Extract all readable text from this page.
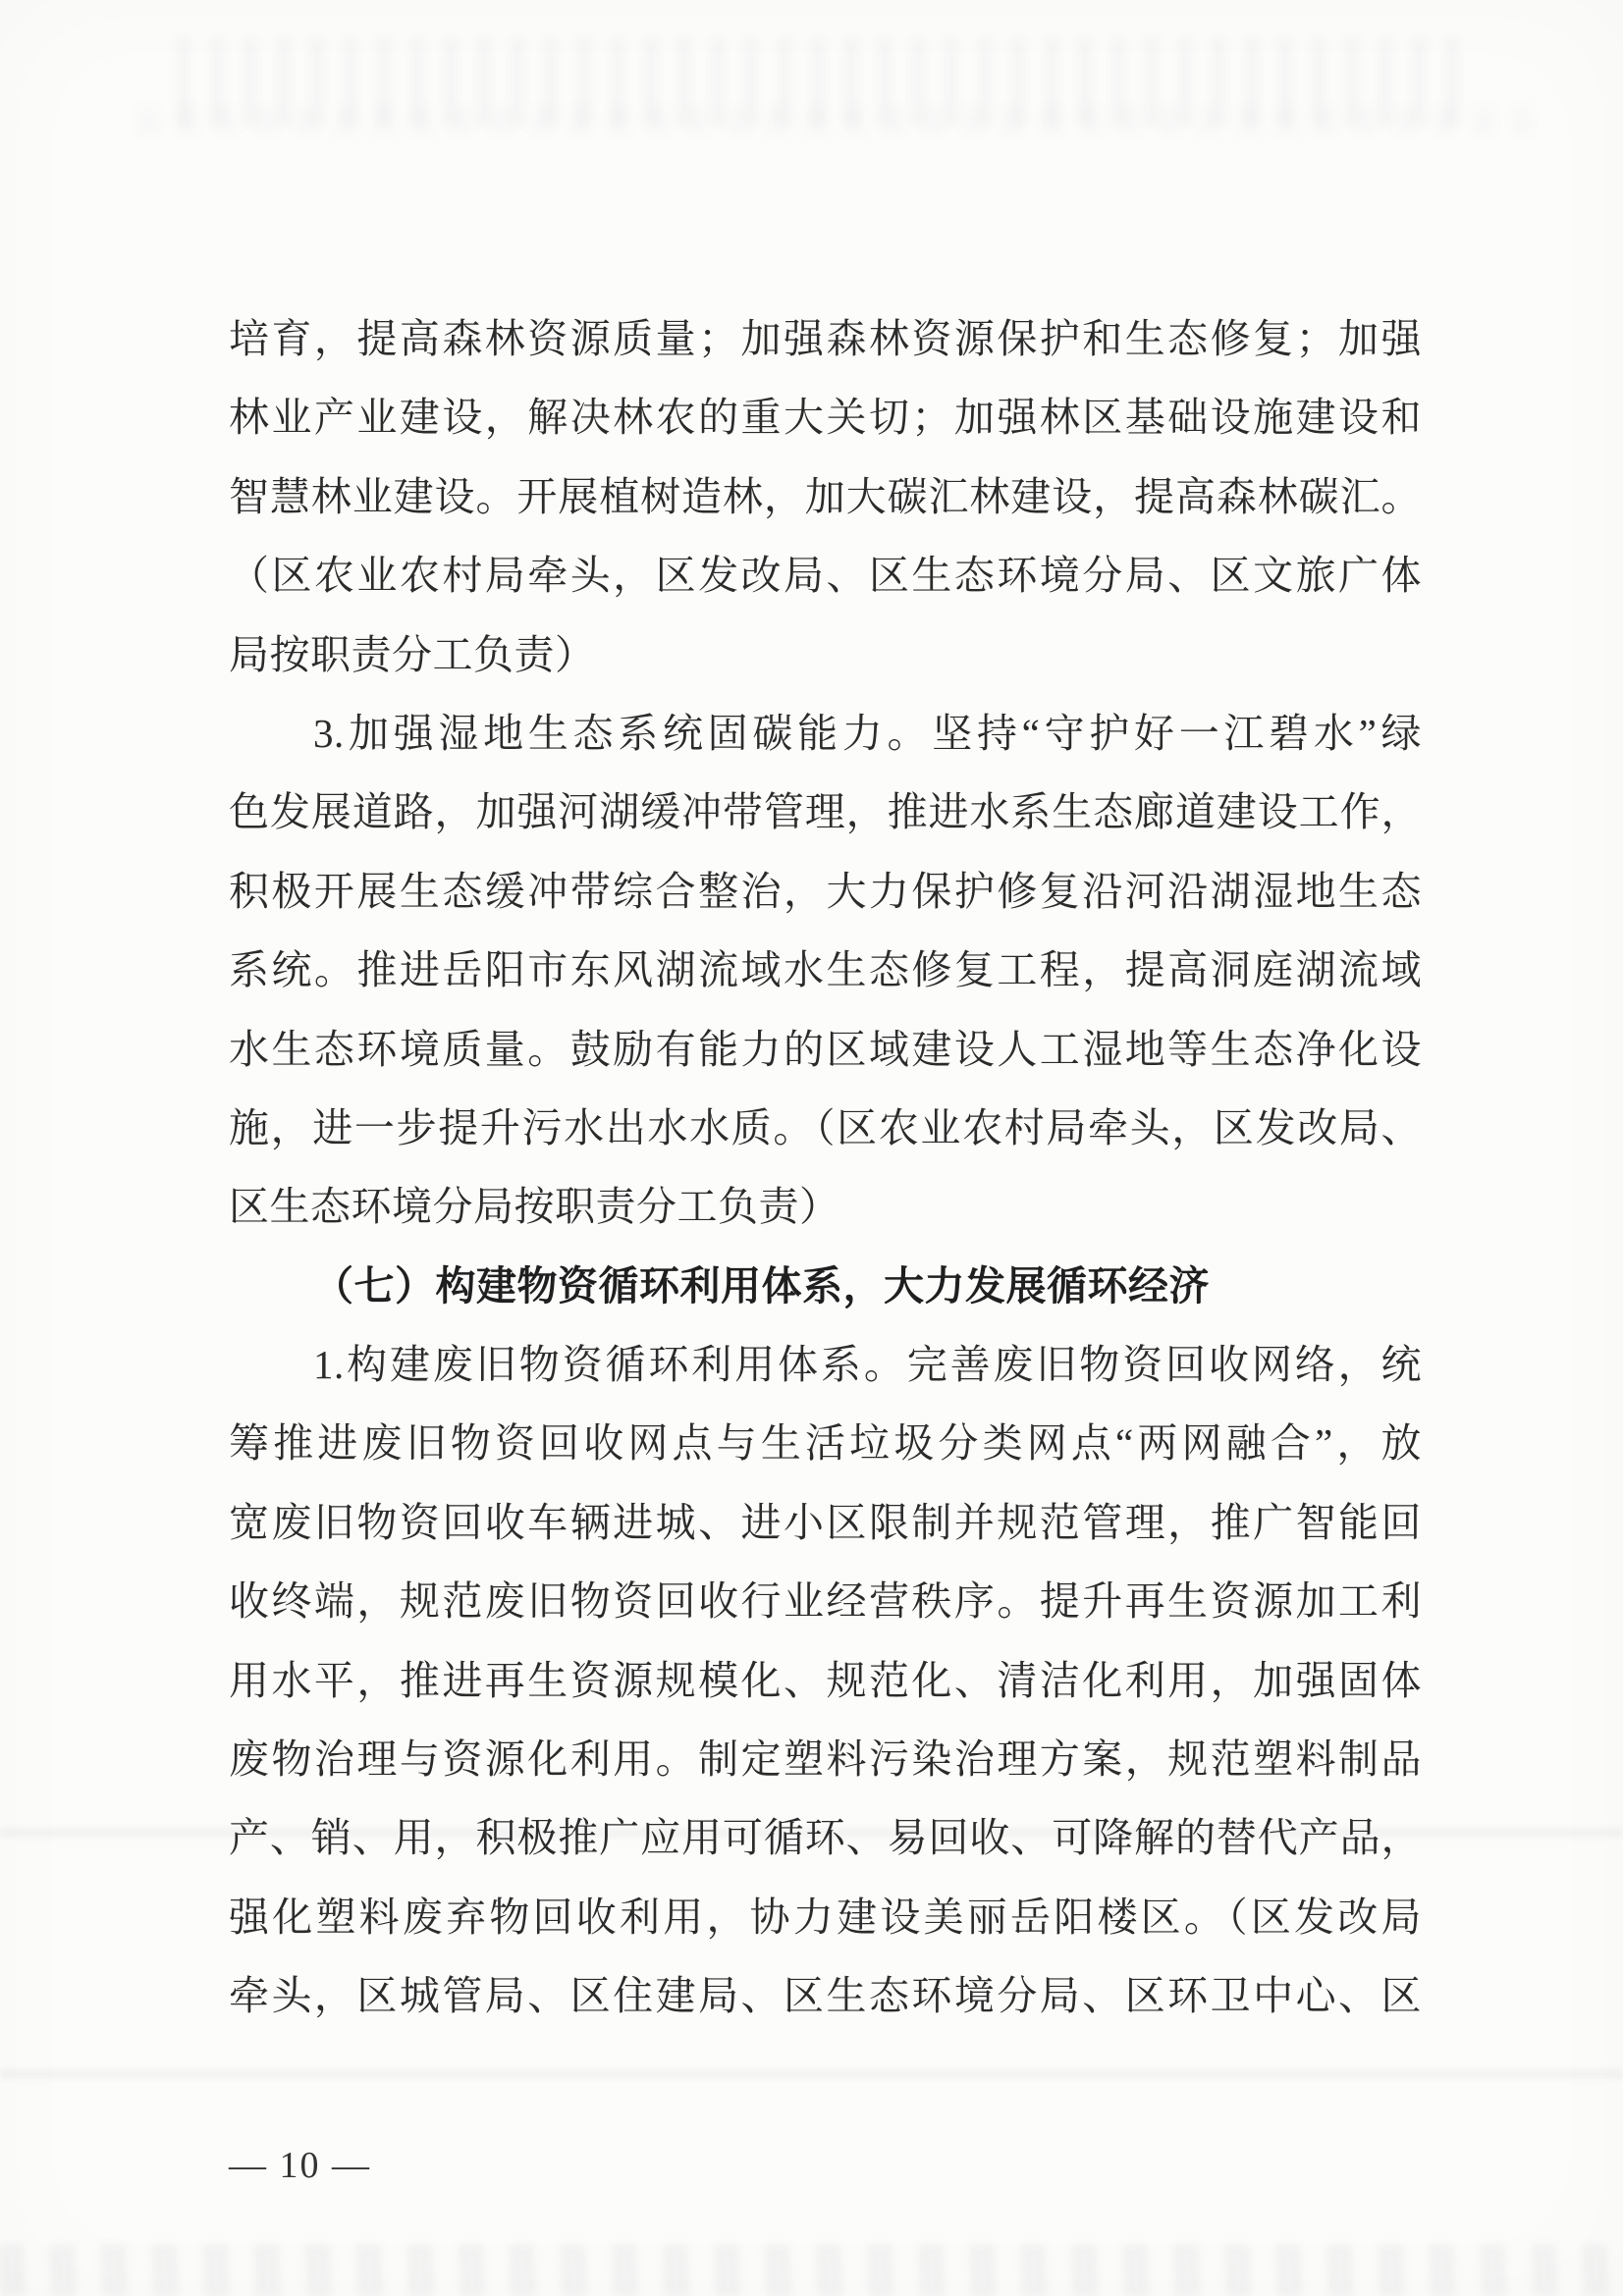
培育，提高森林资源质量；加强森林资源保护和生态修复；加强
林业产业建设，解决林农的重大关切；加强林区基础设施建设和
智慧林业建设。开展植树造林，加大碳汇林建设，提高森林碳汇。
（区农业农村局牵头，区发改局、区生态环境分局、区文旅广体
局按职责分工负责）
3.加强湿地生态系统固碳能力。坚持“守护好一江碧水”绿
色发展道路，加强河湖缓冲带管理，推进水系生态廊道建设工作，
积极开展生态缓冲带综合整治，大力保护修复沿河沿湖湿地生态
系统。推进岳阳市东风湖流域水生态修复工程，提高洞庭湖流域
水生态环境质量。鼓励有能力的区域建设人工湿地等生态净化设
施，进一步提升污水出水水质。（区农业农村局牵头，区发改局、
区生态环境分局按职责分工负责）
（七）构建物资循环利用体系，大力发展循环经济
1.构建废旧物资循环利用体系。完善废旧物资回收网络，统
筹推进废旧物资回收网点与生活垃圾分类网点“两网融合”，放
宽废旧物资回收车辆进城、进小区限制并规范管理，推广智能回
收终端，规范废旧物资回收行业经营秩序。提升再生资源加工利
用水平，推进再生资源规模化、规范化、清洁化利用，加强固体
废物治理与资源化利用。制定塑料污染治理方案，规范塑料制品
产、销、用，积极推广应用可循环、易回收、可降解的替代产品，
强化塑料废弃物回收利用，协力建设美丽岳阳楼区。（区发改局
牵头，区城管局、区住建局、区生态环境分局、区环卫中心、区
— 10 —
